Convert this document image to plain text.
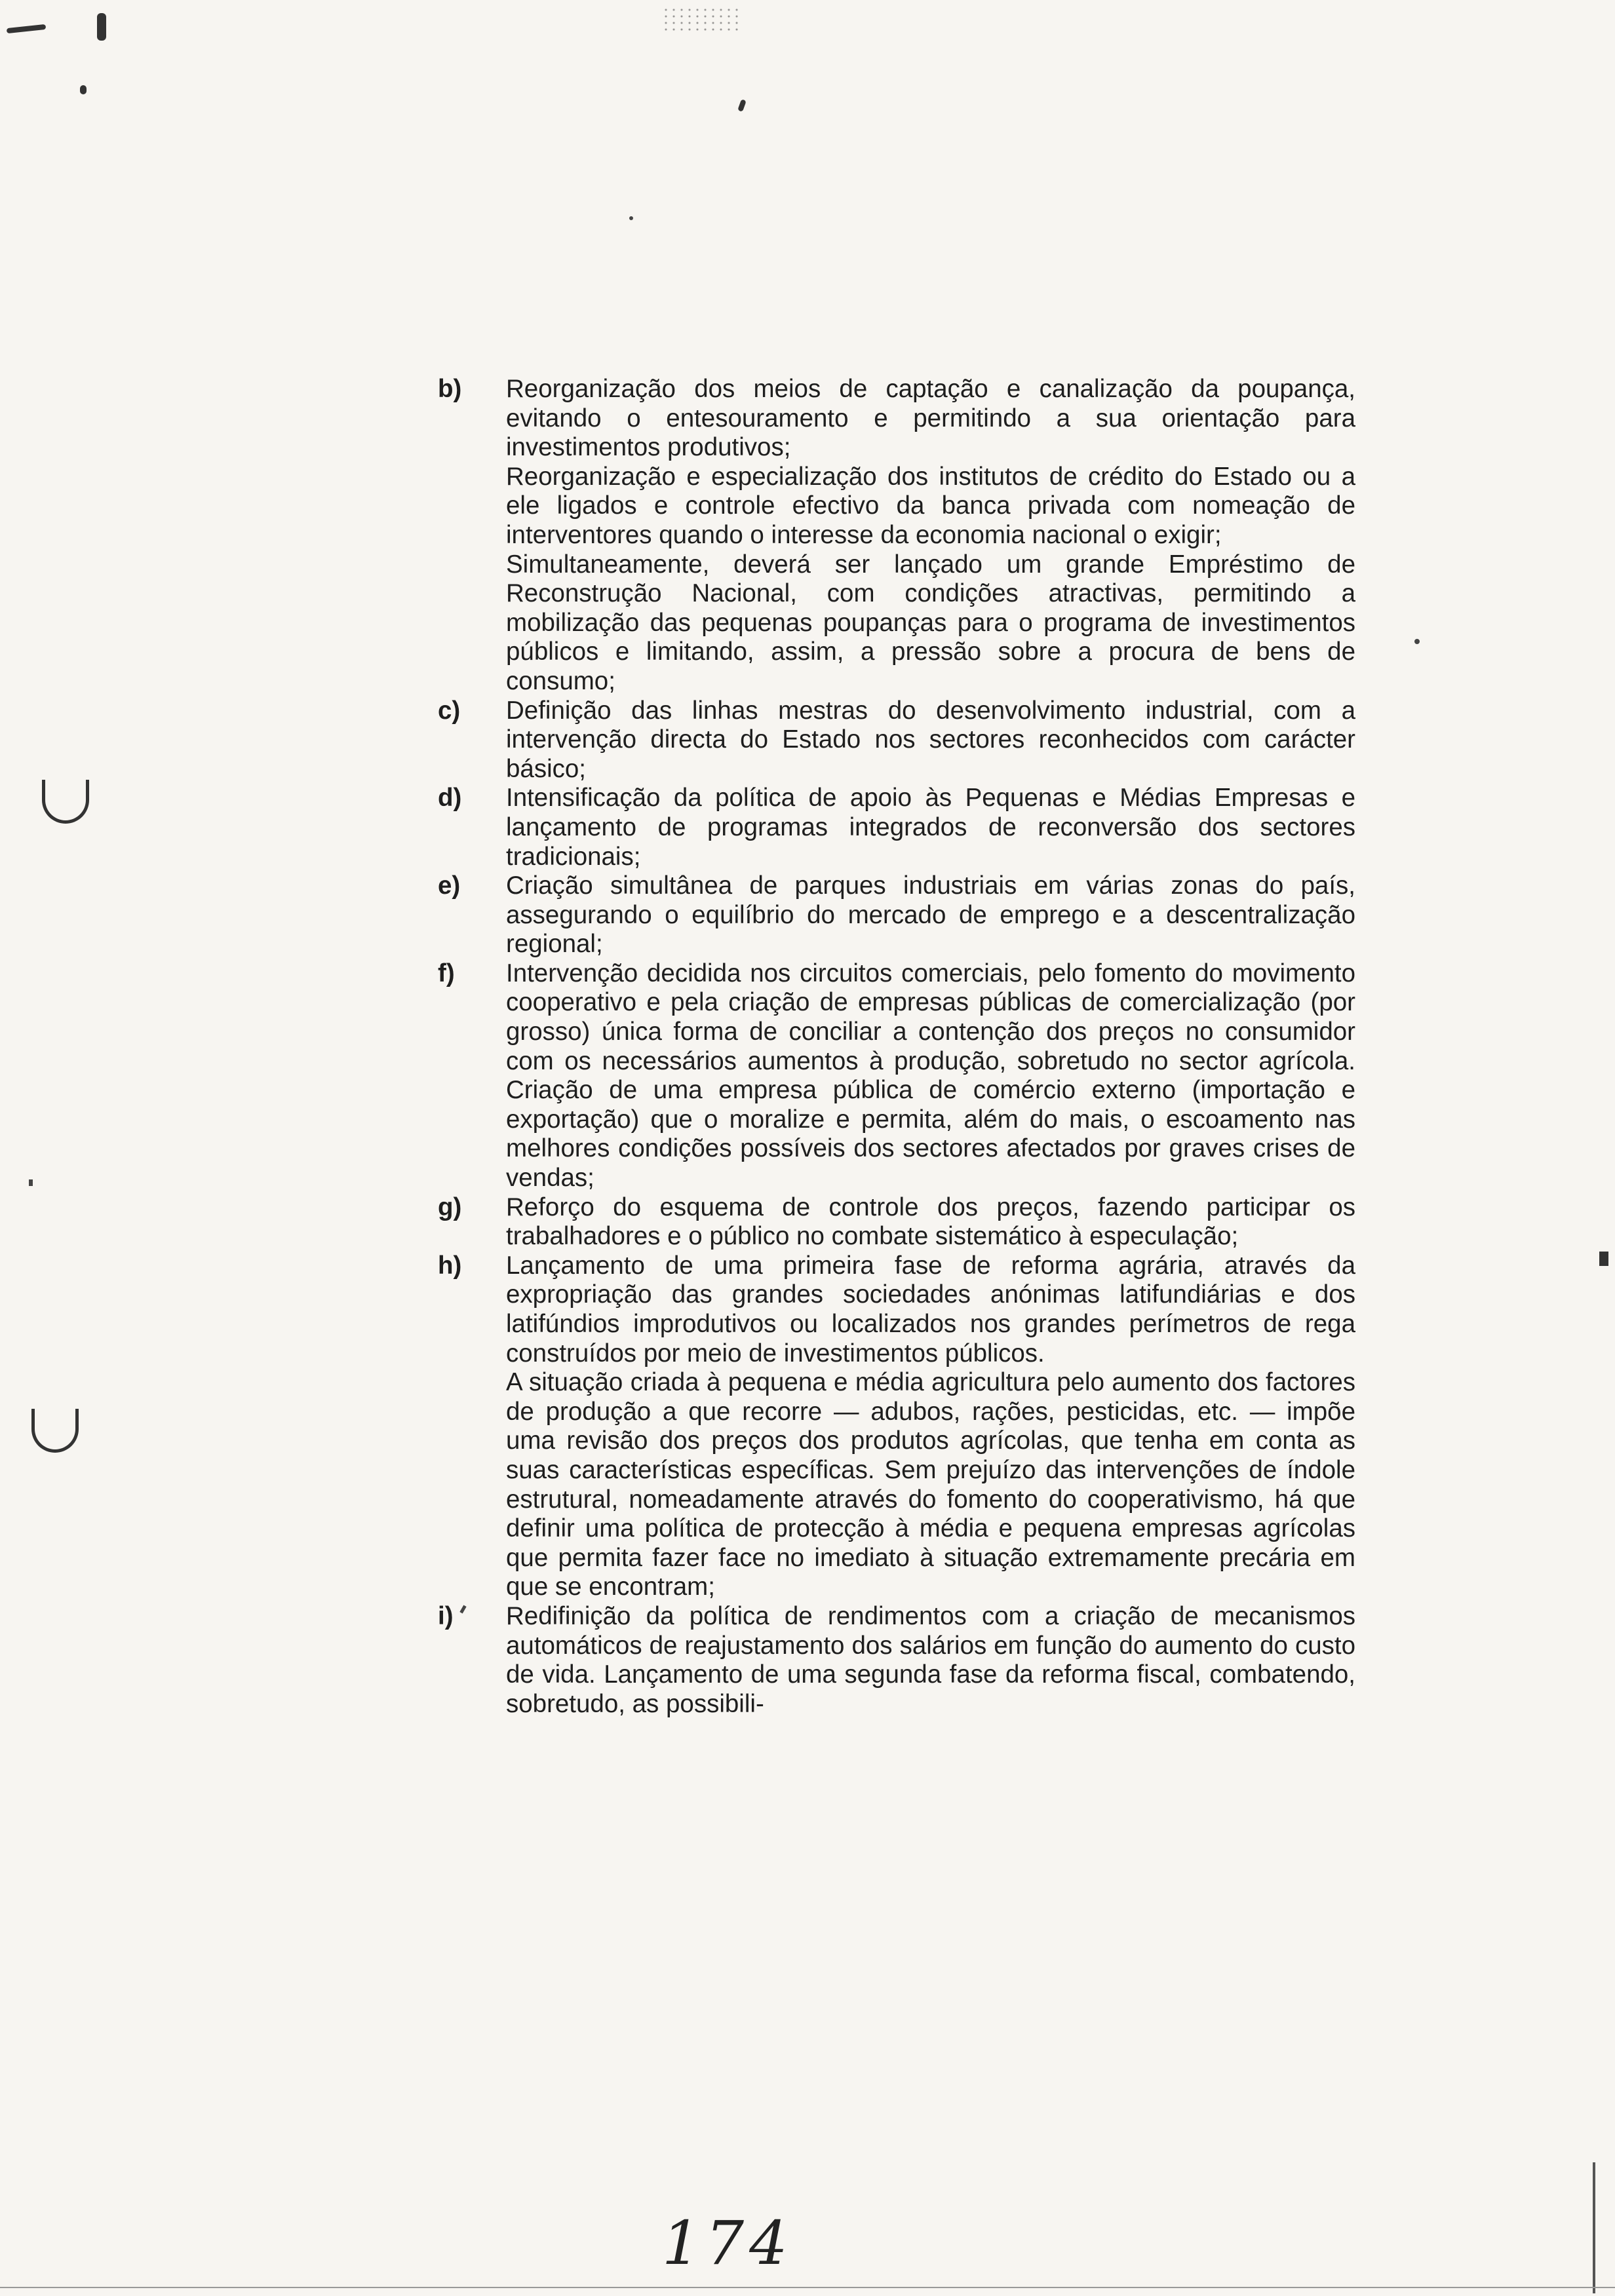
b)	Reorganização dos meios de captação e canalização da poupança, evitando o entesouramento e permitindo a sua orientação para investimentos produtivos;

Reorganização e especialização dos institutos de crédito do Estado ou a ele ligados e controle efectivo da banca privada com nomeação de interventores quando o interesse da economia nacional o exigir;

Simultaneamente, deverá ser lançado um grande Empréstimo de Reconstrução Nacional, com condições atractivas, permitindo a mobilização das pequenas poupanças para o programa de investimentos públicos e limitando, assim, a pressão sobre a procura de bens de consumo;

c)	Definição das linhas mestras do desenvolvimento industrial, com a intervenção directa do Estado nos sectores reconhecidos com carácter básico;

d)	Intensificação da política de apoio às Pequenas e Médias Empresas e lançamento de programas integrados de reconversão dos sectores tradicionais;

e)	Criação simultânea de parques industriais em várias zonas do país, assegurando o equilíbrio do mercado de emprego e a descentralização regional;

f)	Intervenção decidida nos circuitos comerciais, pelo fomento do movimento cooperativo e pela criação de empresas públicas de comercialização (por grosso) única forma de conciliar a contenção dos preços no consumidor com os necessários aumentos à produção, sobretudo no sector agrícola. Criação de uma empresa pública de comércio externo (importação e exportação) que o moralize e permita, além do mais, o escoamento nas melhores condições possíveis dos sectores afectados por graves crises de vendas;

g)	Reforço do esquema de controle dos preços, fazendo participar os trabalhadores e o público no combate sistemático à especulação;

h)	Lançamento de uma primeira fase de reforma agrária, através da expropriação das grandes sociedades anónimas latifundiárias e dos latifúndios improdutivos ou localizados nos grandes perímetros de rega construídos por meio de investimentos públicos.

A situação criada à pequena e média agricultura pelo aumento dos factores de produção a que recorre — adubos, rações, pesticidas, etc. — impõe uma revisão dos preços dos produtos agrícolas, que tenha em conta as suas características específicas. Sem prejuízo das intervenções de índole estrutural, nomeadamente através do fomento do cooperativismo, há que definir uma política de protecção à média e pequena empresas agrícolas que permita fazer face no imediato à situação extremamente precária em que se encontram;

i)	Redifinição da política de rendimentos com a criação de mecanismos automáticos de reajustamento dos salários em função do aumento do custo de vida. Lançamento de uma segunda fase da reforma fiscal, combatendo, sobretudo, as possibili-

174
